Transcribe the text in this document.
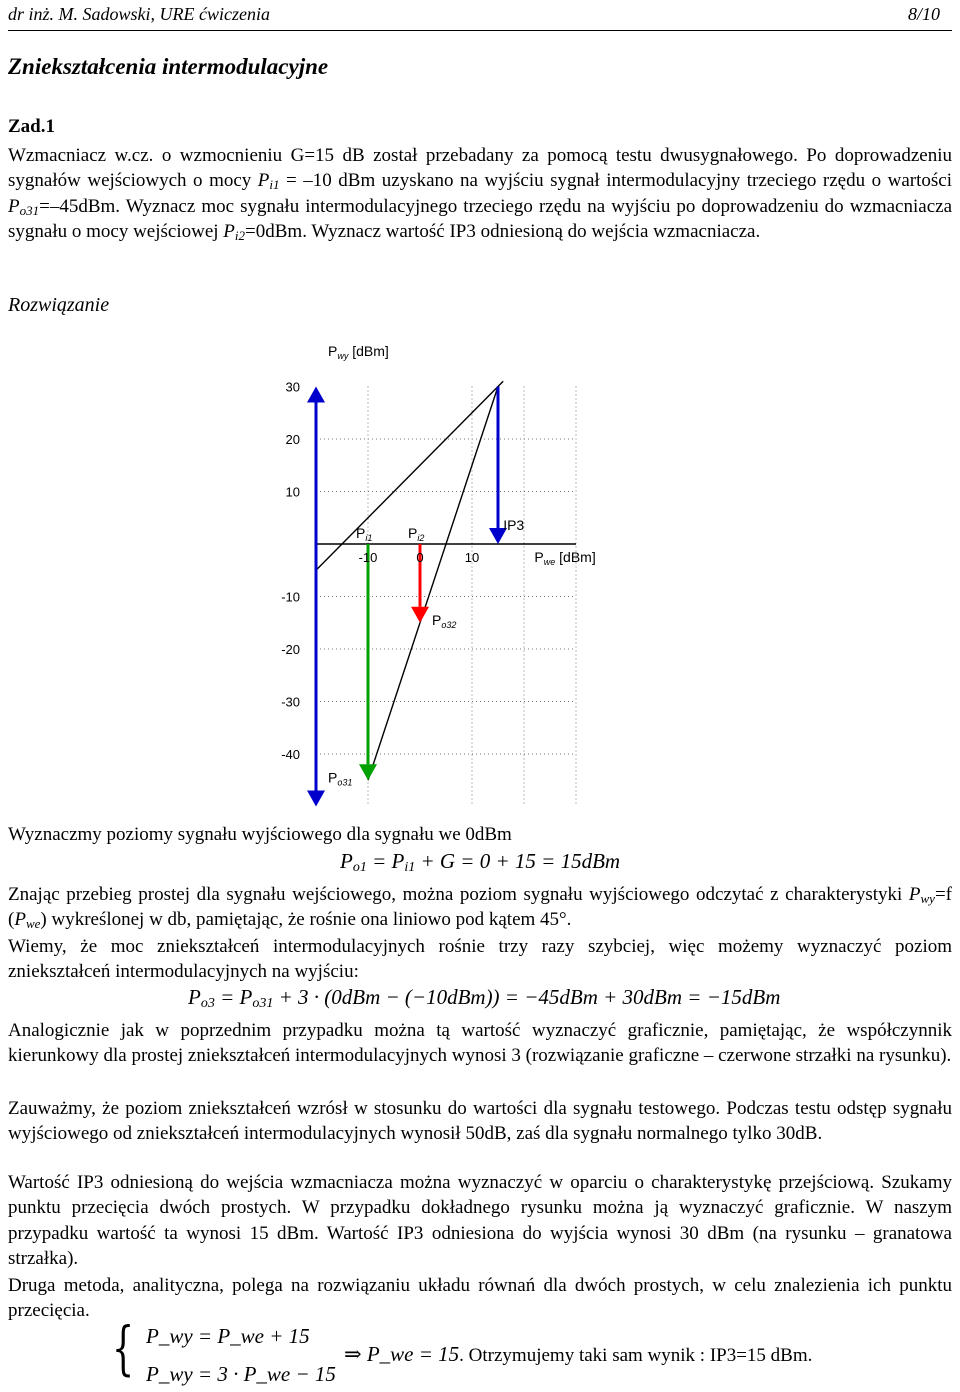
dr inż. M. Sadowski, URE ćwiczenia	8/10
Zniekształcenia intermodulacyjne
Zad.1
Wzmacniacz w.cz. o wzmocnieniu G=15 dB został przebadany za pomocą testu dwusygnałowego. Po doprowadzeniu sygnałów wejściowych o mocy $P_{i1} = -10$ dBm uzyskano na wyjściu sygnał intermodulacyjny trzeciego rzędu o wartości $P_{o31}=-45dBm$. Wyznacz moc sygnału intermodulacyjnego trzeciego rzędu na wyjściu po doprowadzeniu do wzmacniacza sygnału o mocy wejściowej $P_{i2}=0dBm$. Wyznacz wartość IP3 odniesioną do wejścia wzmacniacza.
Rozwiązanie
30
20
10
-10
-20
-30
-40
-10	0	10
$P_{wy}$ [dBm]
$P_{we}$ [dBm]
$P_{i1}$	$P_{i2}$
$P_{o32}$
$P_{o31}$
IP3
Wyznaczmy poziomy sygnału wyjściowego dla sygnału we 0dBm
$P_{o1} = P_{i1} + G = 0 + 15 = 15dBm$
Znając przebieg prostej dla sygnału wejściowego, można poziom sygnału wyjściowego odczytać z charakterystyki $P_{wy}=f$ $(P_{we})$ wykreślonej w db, pamiętając, że rośnie ona liniowo pod kątem 45°.
Wiemy, że moc zniekształceń intermodulacyjnych rośnie trzy razy szybciej, więc możemy wyznaczyć poziom zniekształceń intermodulacyjnych na wyjściu:
$P_{o3} = P_{o31} + 3 \cdot (0dBm - (-10dBm)) = -45dBm + 30dBm = -15dBm$
Analogicznie jak w poprzednim przypadku można tą wartość wyznaczyć graficznie, pamiętając, że współczynnik kierunkowy dla prostej zniekształceń intermodulacyjnych wynosi 3 (rozwiązanie graficzne – czerwone strzałki na rysunku).
Zauważmy, że poziom zniekształceń wzrósł w stosunku do wartości dla sygnału testowego. Podczas testu odstęp sygnału wyjściowego od zniekształceń intermodulacyjnych wynosił 50dB, zaś dla sygnału normalnego tylko 30dB.
Wartość IP3 odniesioną do wejścia wzmacniacza można wyznaczyć w oparciu o charakterystykę przejściową. Szukamy punktu przecięcia dwóch prostych. W przypadku dokładnego rysunku można ją wyznaczyć graficznie. W naszym przypadku wartość ta wynosi 15 dBm. Wartość IP3 odniesiona do wyjścia wynosi 30 dBm (na rysunku – granatowa strzałka).
Druga metoda, analityczna, polega na rozwiązaniu układu równań dla dwóch prostych, w celu znalezienia ich punktu przecięcia.
{ P_wy = P_we + 15
P_wy = 3 · P_we − 15
⇒ P_we = 15. Otrzymujemy taki sam wynik : IP3=15 dBm.
